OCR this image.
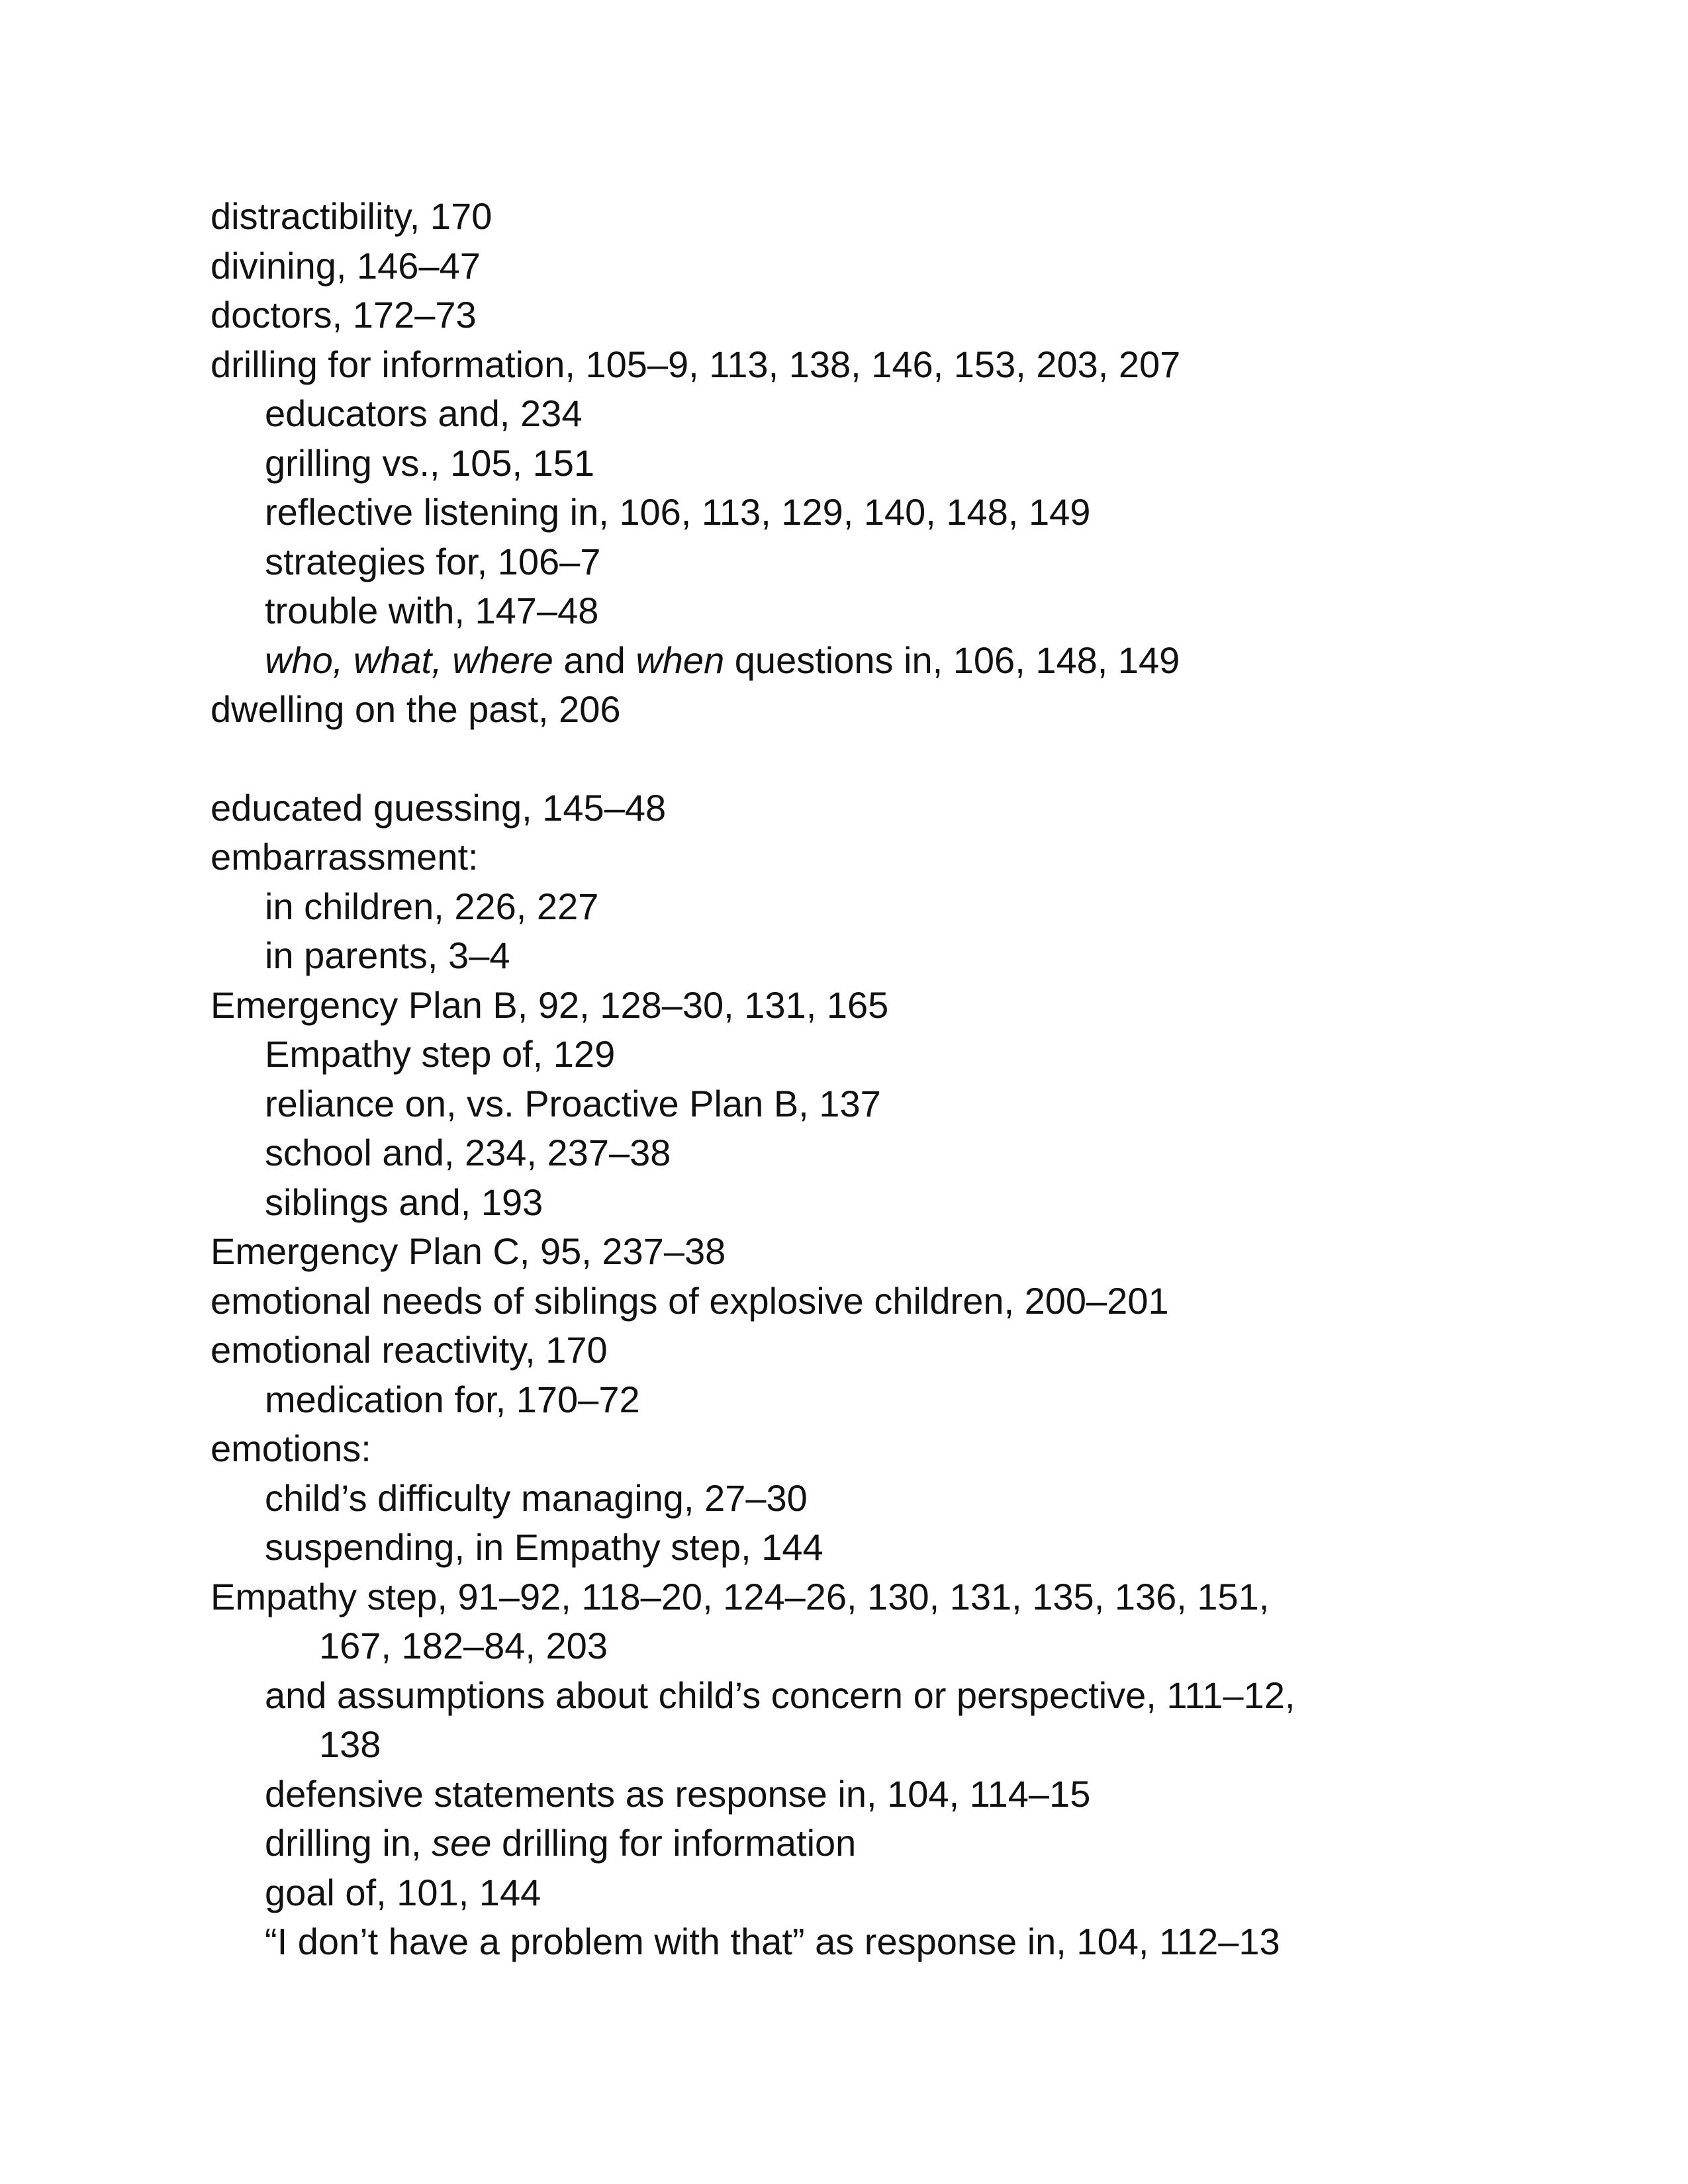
distractibility, 170
divining, 146–47
doctors, 172–73
drilling for information, 105–9, 113, 138, 146, 153, 203, 207
educators and, 234
grilling vs., 105, 151
reflective listening in, 106, 113, 129, 140, 148, 149
strategies for, 106–7
trouble with, 147–48
who, what, where and when questions in, 106, 148, 149
dwelling on the past, 206
educated guessing, 145–48
embarrassment:
in children, 226, 227
in parents, 3–4
Emergency Plan B, 92, 128–30, 131, 165
Empathy step of, 129
reliance on, vs. Proactive Plan B, 137
school and, 234, 237–38
siblings and, 193
Emergency Plan C, 95, 237–38
emotional needs of siblings of explosive children, 200–201
emotional reactivity, 170
medication for, 170–72
emotions:
child’s difficulty managing, 27–30
suspending, in Empathy step, 144
Empathy step, 91–92, 118–20, 124–26, 130, 131, 135, 136, 151,
167, 182–84, 203
and assumptions about child’s concern or perspective, 111–12,
138
defensive statements as response in, 104, 114–15
drilling in, see drilling for information
goal of, 101, 144
“I don’t have a problem with that” as response in, 104, 112–13
